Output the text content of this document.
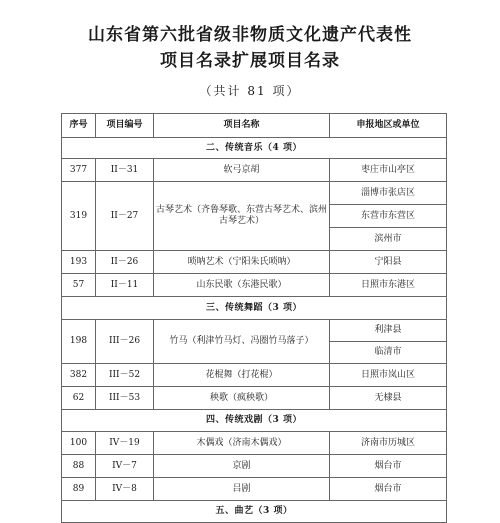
山东省第六批省级非物质文化遗产代表性
项目名录扩展项目名录
（共计 81 项）
序号	项目编号	项目名称	申报地区或单位
二、传统音乐（4 项）			
377	II－31	软弓京胡	枣庄市山亭区
319	II－27	古琴艺术（齐鲁琴歌、东营古琴艺术、滨州古琴艺术）	淄博市张店区
			东营市东营区
			滨州市
193	II－26	唢呐艺术（宁阳朱氏唢呐）	宁阳县
57	II－11	山东民歌（东港民歌）	日照市东港区
三、传统舞蹈（3 项）			
198	III－26	竹马（利津竹马灯、冯圈竹马落子）	利津县
			临清市
382	III－52	花棍舞（打花棍）	日照市岚山区
62	III－53	秧歌（疯秧歌）	无棣县
四、传统戏剧（3 项）			
100	IV－19	木偶戏（济南木偶戏）	济南市历城区
88	IV－7	京剧	烟台市
89	IV－8	吕剧	烟台市
五、曲艺（3 项）			
